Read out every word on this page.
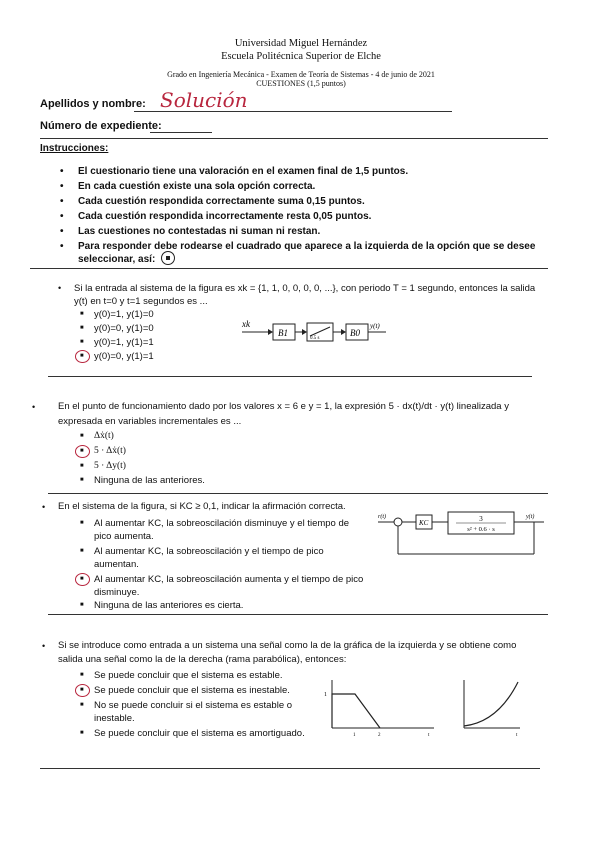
Universidad Miguel Hernández
Escuela Politécnica Superior de Elche
Grado en Ingeniería Mecánica - Examen de Teoría de Sistemas - 4 de junio de 2021
CUESTIONES (1,5 puntos)
Apellidos y nombre: Solución
Número de expediente:
Instrucciones:
• El cuestionario tiene una valoración en el examen final de 1,5 puntos.
• En cada cuestión existe una sola opción correcta.
• Cada cuestión respondida correctamente suma 0,15 puntos.
• Cada cuestión respondida incorrectamente resta 0,05 puntos.
• Las cuestiones no contestadas ni suman ni restan.
• Para responder debe rodearse el cuadrado que aparece a la izquierda de la opción que se desee
seleccionar, así:
• Si la entrada al sistema de la figura es xk = {1, 1, 0, 0, 0, 0, ...}, con periodo T = 1 segundo, entonces la salida
y(t) en t=0 y t=1 segundos es ...
■ y(0)=1, y(1)=0
■ y(0)=0, y(1)=0
■ y(0)=1, y(1)=1
■ y(0)=0, y(1)=1
xk
B1
0.5 s
B0
y(t)
• En el punto de funcionamiento dado por los valores x = 6 e y = 1, la expresión 5 · dx(t)/dt · y(t) linealizada y
expresada en variables incrementales es ...
■ Δẋ(t)
■ 5 · Δẋ(t)
■ 5 · Δy(t)
■ Ninguna de las anteriores.
• En el sistema de la figura, si KC ≥ 0,1, indicar la afirmación correcta.
■ Al aumentar KC, la sobreoscilación disminuye y el tiempo de
pico aumenta.
■ Al aumentar KC, la sobreoscilación y el tiempo de pico
aumentan.
■ Al aumentar KC, la sobreoscilación aumenta y el tiempo de pico
disminuye.
■ Ninguna de las anteriores es cierta.
r(t)
KC	3
s² + 0.6 · s
y(t)
• Si se introduce como entrada a un sistema una señal como la de la gráfica de la izquierda y se obtiene como
salida una señal como la de la derecha (rama parabólica), entonces:
■ Se puede concluir que el sistema es estable.
■ Se puede concluir que el sistema es inestable.
■ No se puede concluir si el sistema es estable o
inestable.
■ Se puede concluir que el sistema es amortiguado.
1
1	2	t	t
